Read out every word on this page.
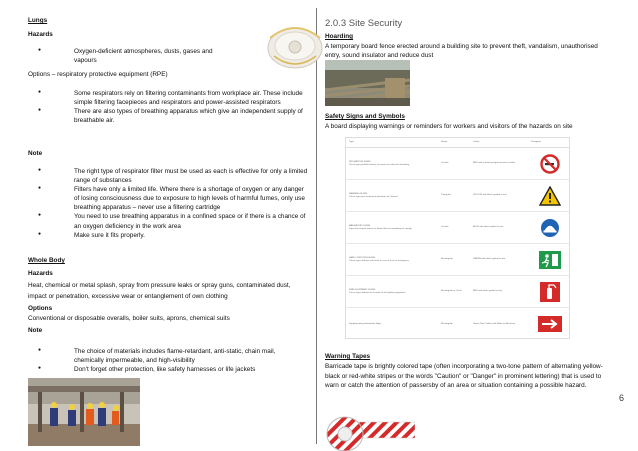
Lungs
Hazards
● Oxygen-deficient atmospheres, dusts, gases and vapours
Options – respiratory protective equipment (RPE)
● Some respirators rely on filtering contaminants from workplace air. These include simple filtering facepieces and respirators and power-assisted respirators
● There are also types of breathing apparatus which give an independent supply of breathable air.
Note
● The right type of respirator filter must be used as each is effective for only a limited range of substances
● Filters have only a limited life. Where there is a shortage of oxygen or any danger of losing consciousness due to exposure to high levels of harmful fumes, only use breathing apparatus – never use a filtering cartridge
● You need to use breathing apparatus in a confined space or if there is a chance of an oxygen deficiency in the work area
● Make sure it fits properly.
Whole Body
Hazards
Heat, chemical or metal splash, spray from pressure leaks or spray guns, contaminated dust, impact or penetration, excessive wear or entanglement of own clothing
Options
Conventional or disposable overalls, boiler suits, aprons, chemical suits
Note
● The choice of materials includes flame-retardant, anti-static, chain mail, chemically impermeable, and high-visibility
● Don't forget other protection, like safety harnesses or life jackets
2.0.3 Site Security
Hoarding
A temporary board fence erected around a building site to prevent theft, vandalism, unauthorised entry, sound insulator and reduce dust
Safety Signs and Symbols
A board displaying warnings or reminders for workers and visitors of the hazards on site
Type	Shape	Colour	Pictogram
PROHIBITION SIGNS
These signs prohibit actions not meant to unlock the breathing
Circular	RED with a white background and a red bar
WARNING SIGNS
These signs give warning of potential risk / hazard
Triangular	YELLOW with black symbol or text
MANDATORY SIGNS
Signs that require actions or duties that are mandatory to comply
Circular	BLUE with white symbol or text
SAFE CONDITION SIGNS
These signs indicate safe route in case of a fire or emergency
Rectangular	GREEN with white symbol or text
FIRE EQUIPMENT SIGNS
These signs indicate the location of fire fighting equipment
Rectangular or Circle	RED with white symbol or text
Supplementary Information Signs	Rectangular	Green, Red, Yellow with White or Black text
Warning Tapes
Barricade tape is brightly colored tape (often incorporating a two-tone pattern of alternating yellow-black or red-white stripes or the words "Caution" or "Danger" in prominent lettering) that is used to warn or catch the attention of passersby of an area or situation containing a possible hazard.
6
